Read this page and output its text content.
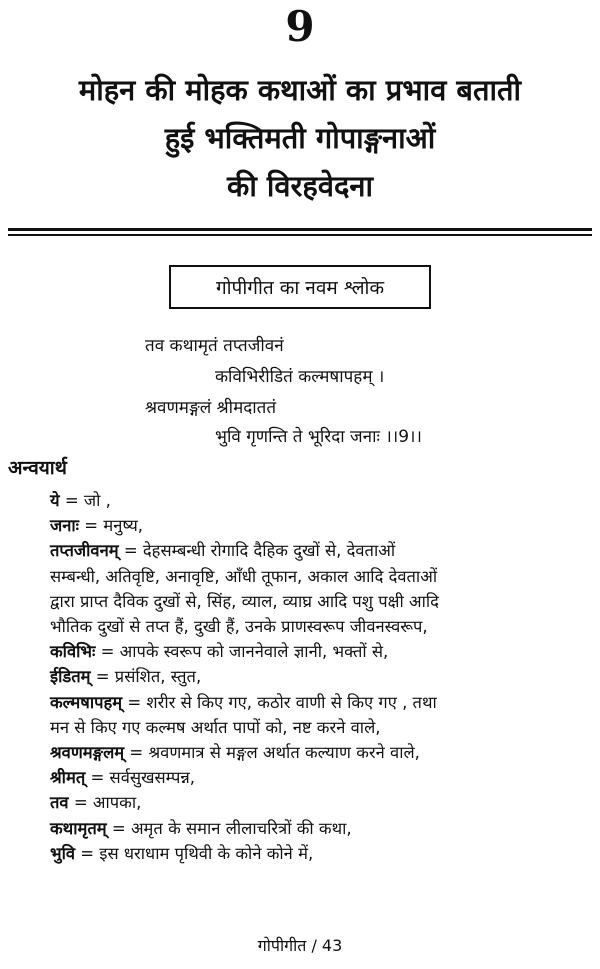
9
मोहन की मोहक कथाओं का प्रभाव बताती
हुई भक्तिमती गोपाङ्गनाओं
की विरहवेदना
गोपीगीत का नवम श्लोक
तव कथामृतं तप्तजीवनं
कविभिरीडितं कल्मषापहम् ।
श्रवणमङ्गलं श्रीमदाततं
भुवि गृणन्ति ते भूरिदा जनाः ।।9।।
अन्वयार्थ
ये = जो ,
जनाः = मनुष्य,
तप्तजीवनम् = देहसम्बन्धी रोगादि दैहिक दुखों से, देवताओं
सम्बन्धी, अतिवृष्टि, अनावृष्टि, आँधी तूफान, अकाल आदि देवताओं
द्वारा प्राप्त दैविक दुखों से, सिंह, व्याल, व्याघ्र आदि पशु पक्षी आदि
भौतिक दुखों से तप्त हैं, दुखी हैं, उनके प्राणस्वरूप जीवनस्वरूप,
कविभिः = आपके स्वरूप को जाननेवाले ज्ञानी, भक्तों से,
ईडितम् = प्रसंशित, स्तुत,
कल्मषापहम् = शरीर से किए गए, कठोर वाणी से किए गए , तथा
मन से किए गए कल्मष अर्थात पापों को, नष्ट करने वाले,
श्रवणमङ्गलम् = श्रवणमात्र से मङ्गल अर्थात कल्याण करने वाले,
श्रीमत् = सर्वसुखसम्पन्न,
तव = आपका,
कथामृतम् = अमृत के समान लीलाचरित्रों की कथा,
भुवि = इस धराधाम पृथिवी के कोने कोने में,
गोपीगीत / 43
